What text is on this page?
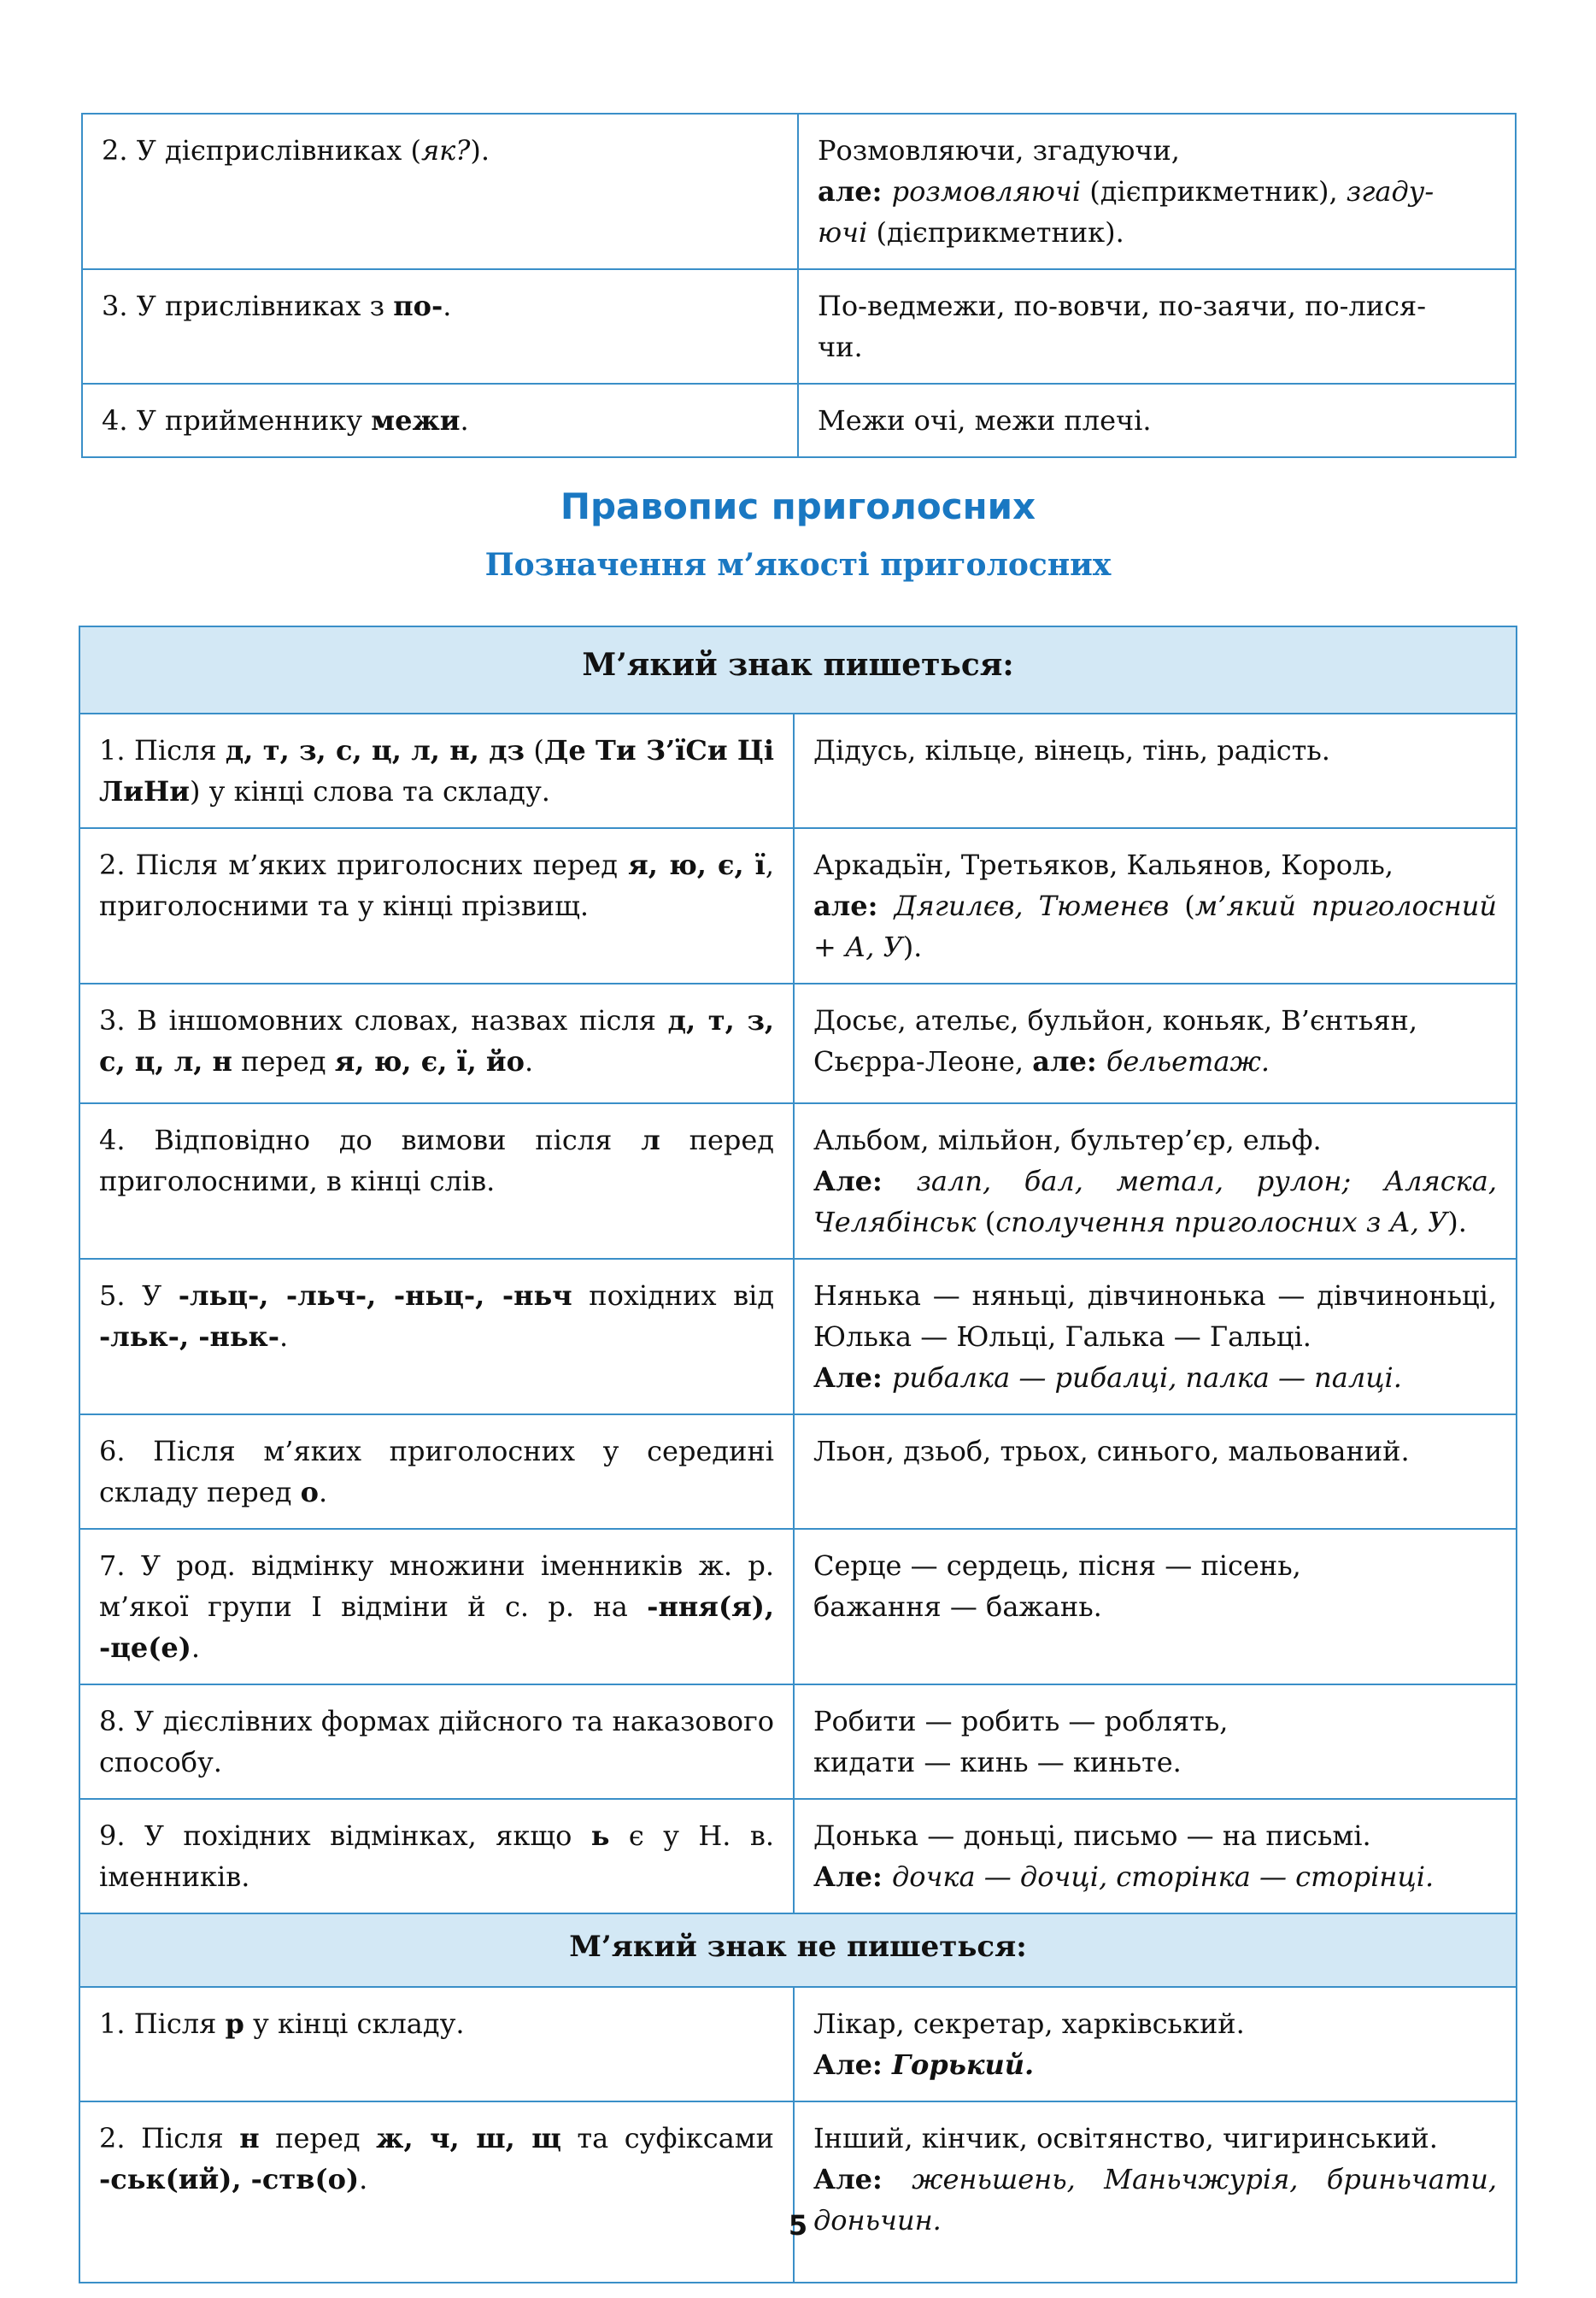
2. У дієприслівниках (як?).	Розмовляючи, згадуючи,
але: розмовляючі (дієприкметник), згаду-
ючі (дієприкметник).

3. У прислівниках з по-.	По-ведмежи, по-вовчи, по-заячи, по-лися-
чи.

4. У прийменнику межи.	Межи очі, межи плечі.
Правопис приголосних
Позначення м’якості приголосних
М’який знак пишеться:	
1. Після д, т, з, с, ц, л, н, дз (Де Ти З’їСи Ці ЛиНи) у кінці слова та складу.	Дідусь, кільце, вінець, тінь, радість.
2. Після м’яких приголосних перед я, ю, є, ї, приголосними та у кінці прізвищ.	Аркадьїн, Третьяков, Кальянов, Король,
але: Дягилєв, Тюменєв (м’який приголосний + А, У).
3. В іншомовних словах, назвах після д, т, з, с, ц, л, н перед я, ю, є, ї, йо.	Досьє, ательє, бульйон, коньяк, В’єнтьян,
Сьєрра-Леоне, але: бельетаж.

4. Відповідно до вимови після л перед приголосними, в кінці слів.	Альбом, мільйон, бультер’єр, ельф.
Але: залп, бал, метал, рулон; Аляска, Челябінськ (сполучення приголосних з А, У).
5. У -льц-, -льч-, -ньц-, -ньч похідних від -льк-, -ньк-.	Нянька — няньці, дівчинонька — дівчиноньці, Юлька — Юльці, Галька — Гальці.
Але: рибалка — рибалці, палка — палці.

6. Після м’яких приголосних у середині складу перед о.	Льон, дзьоб, трьох, синього, мальований.
7. У род. відмінку множини іменників ж. р. м’якої групи І відміни й с. р. на -ння(я), -це(е).	Серце — сердець, пісня — пісень,
бажання — бажань.

8. У дієслівних формах дійсного та наказового способу.	Робити — робить — роблять,
кидати — кинь — киньте.

9. У похідних відмінках, якщо ь є у Н. в. іменників.	Донька — доньці, письмо — на письмі.
Але: дочка — дочці, сторінка — сторінці.

М’який знак не пишеться:	
1. Після р у кінці складу.	Лікар, секретар, харківський.
Але: Горький.

2. Після н перед ж, ч, ш, щ та суфіксами -ськ(ий), -ств(о).	Інший, кінчик, освітянство, чигиринський.
Але: женьшень, Маньчжурія, бриньчати, доньчин.
5
